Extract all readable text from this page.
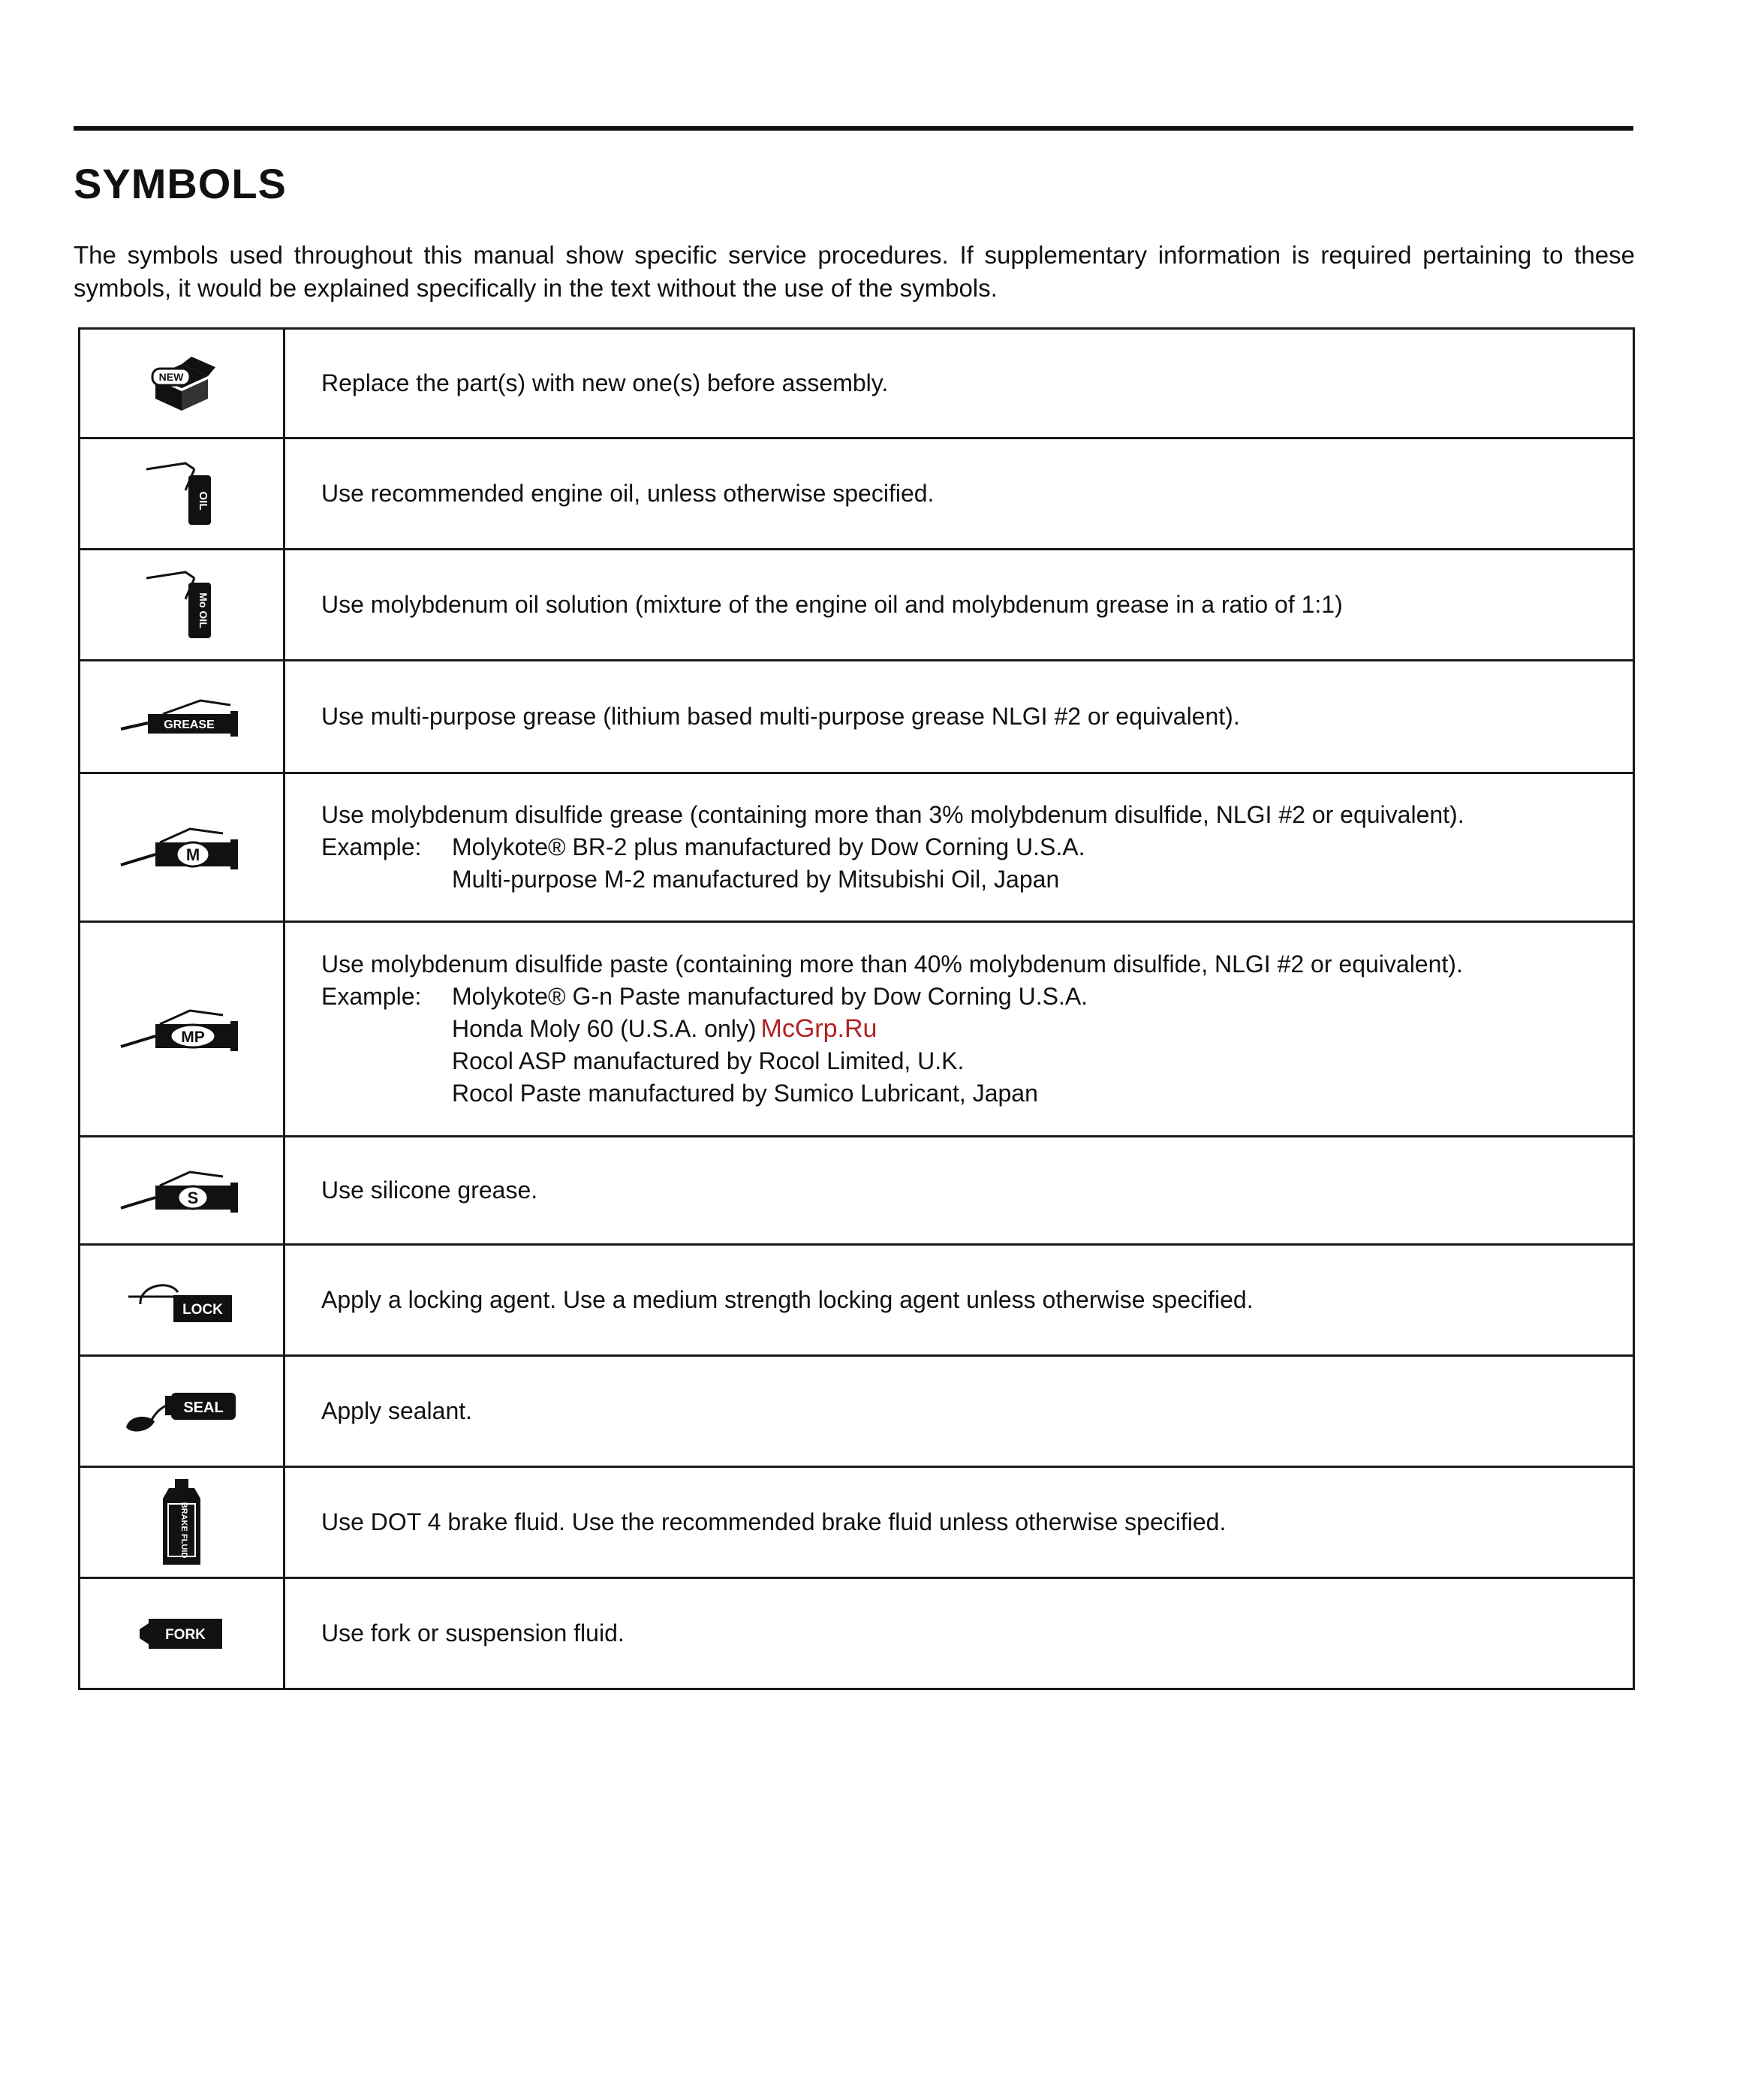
SYMBOLS

The symbols used throughout this manual show specific service procedures. If supplementary information is required pertaining to these symbols, it would be explained specifically in the text without the use of the symbols.

NEW	Replace the part(s) with new one(s) before assembly.

OIL	Use recommended engine oil, unless otherwise specified.

Mo OIL	Use molybdenum oil solution (mixture of the engine oil and molybdenum grease in a ratio of 1:1)

GREASE	Use multi-purpose grease (lithium based multi-purpose grease NLGI #2 or equivalent).

M	Use molybdenum disulfide grease (containing more than 3% molybdenum disulfide, NLGI #2 or equivalent).
Example: Molykote® BR-2 plus manufactured by Dow Corning U.S.A.

Multi-purpose M-2 manufactured by Mitsubishi Oil, Japan

MP	Use molybdenum disulfide paste (containing more than 40% molybdenum disulfide, NLGI #2 or equivalent).
Example: Molykote® G-n Paste manufactured by Dow Corning U.S.A.

Honda Moly 60 (U.S.A. only) McGrp.Ru
Rocol ASP manufactured by Rocol Limited, U.K.
Rocol Paste manufactured by Sumico Lubricant, Japan

S	Use silicone grease.

LOCK	Apply a locking agent. Use a medium strength locking agent unless otherwise specified.

SEAL	Apply sealant.

BRAKE FLUID	Use DOT 4 brake fluid. Use the recommended brake fluid unless otherwise specified.

FORK	Use fork or suspension fluid.
